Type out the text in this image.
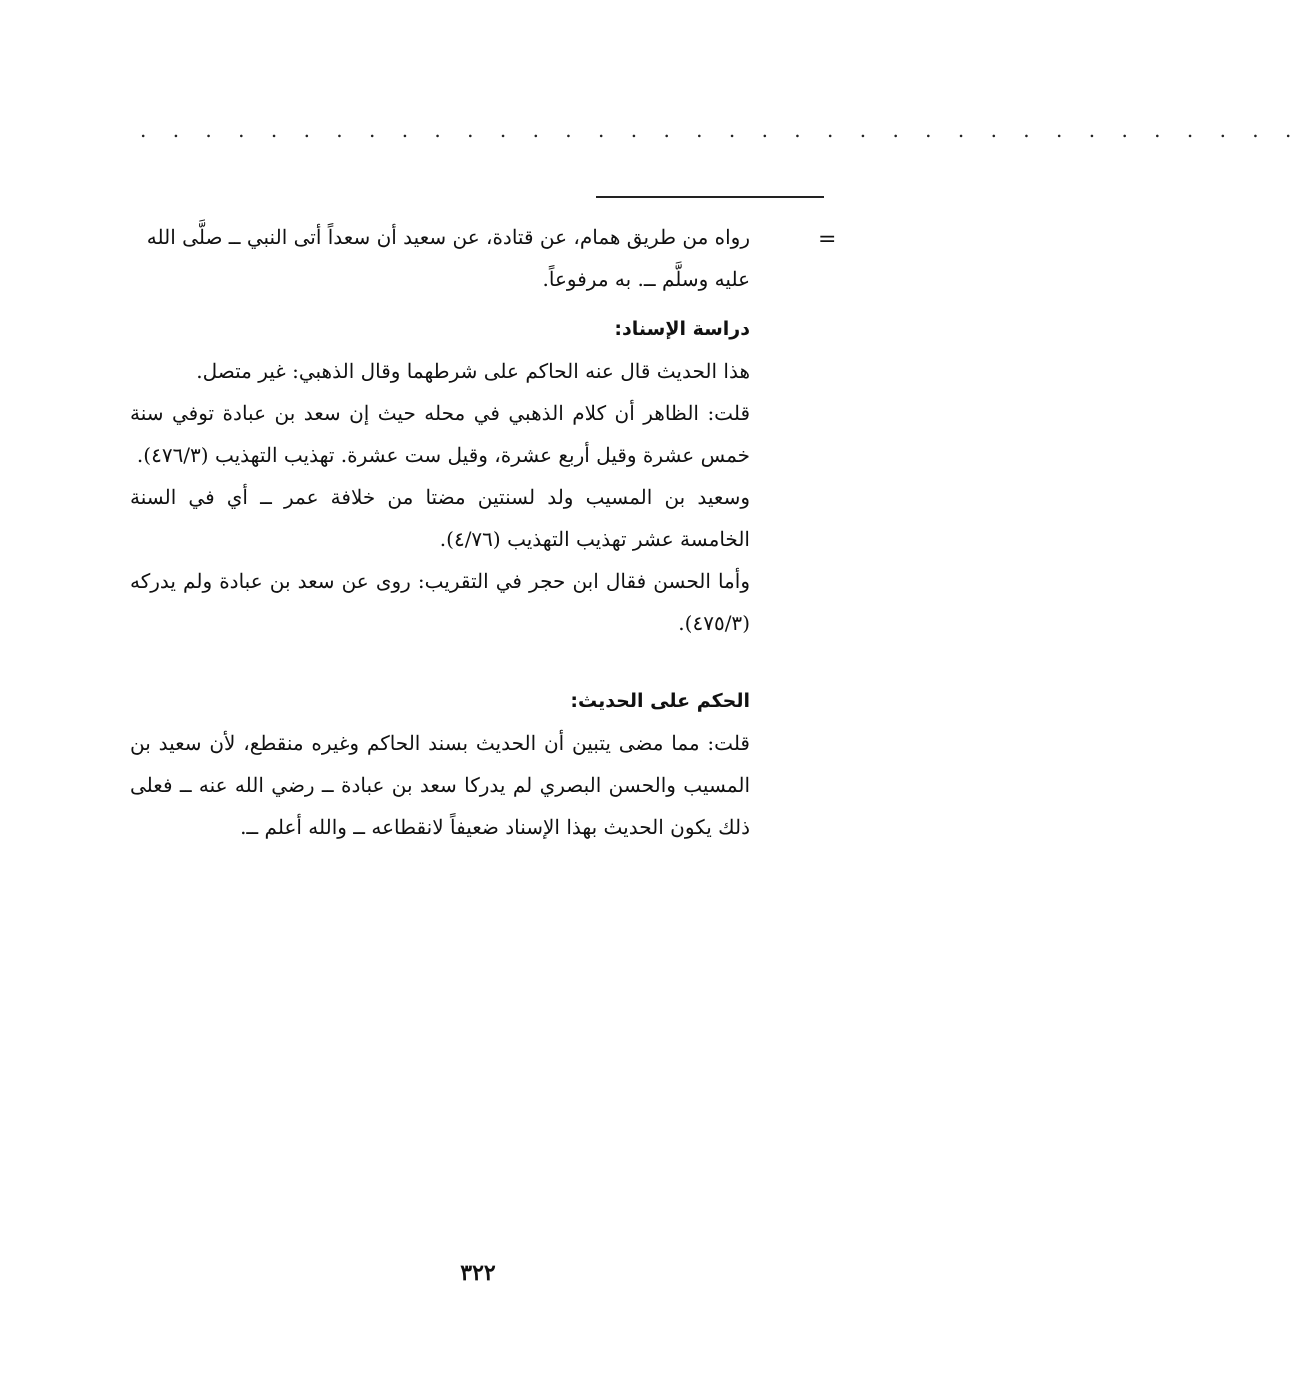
. . . . . . . . . . . . . . . . . . . . . . . . . . . . . . . . . . . .
=

رواه من طريق همام، عن قتادة، عن سعيد أن سعداً أتى النبي ــ صلَّى الله

عليه وسلَّم ــ. به مرفوعاً.

دراسة الإسناد:

هذا الحديث قال عنه الحاكم على شرطهما وقال الذهبي: غير متصل.

قلت: الظاهر أن كلام الذهبي في محله حيث إن سعد بن عبادة توفي سنة خمس عشرة وقيل أربع عشرة، وقيل ست عشرة. تهذيب التهذيب (٤٧٦/٣).

وسعيد بن المسيب ولد لسنتين مضتا من خلافة عمر ــ أي في السنة الخامسة عشر تهذيب التهذيب (٤/٧٦).

وأما الحسن فقال ابن حجر في التقريب: روى عن سعد بن عبادة ولم يدركه (٤٧٥/٣).

الحكم على الحديث:

قلت: مما مضى يتبين أن الحديث بسند الحاكم وغيره منقطع، لأن سعيد بن المسيب والحسن البصري لم يدركا سعد بن عبادة ــ رضي الله عنه ــ فعلى ذلك يكون الحديث بهذا الإسناد ضعيفاً لانقطاعه ــ والله أعلم ــ.

٣٢٢
